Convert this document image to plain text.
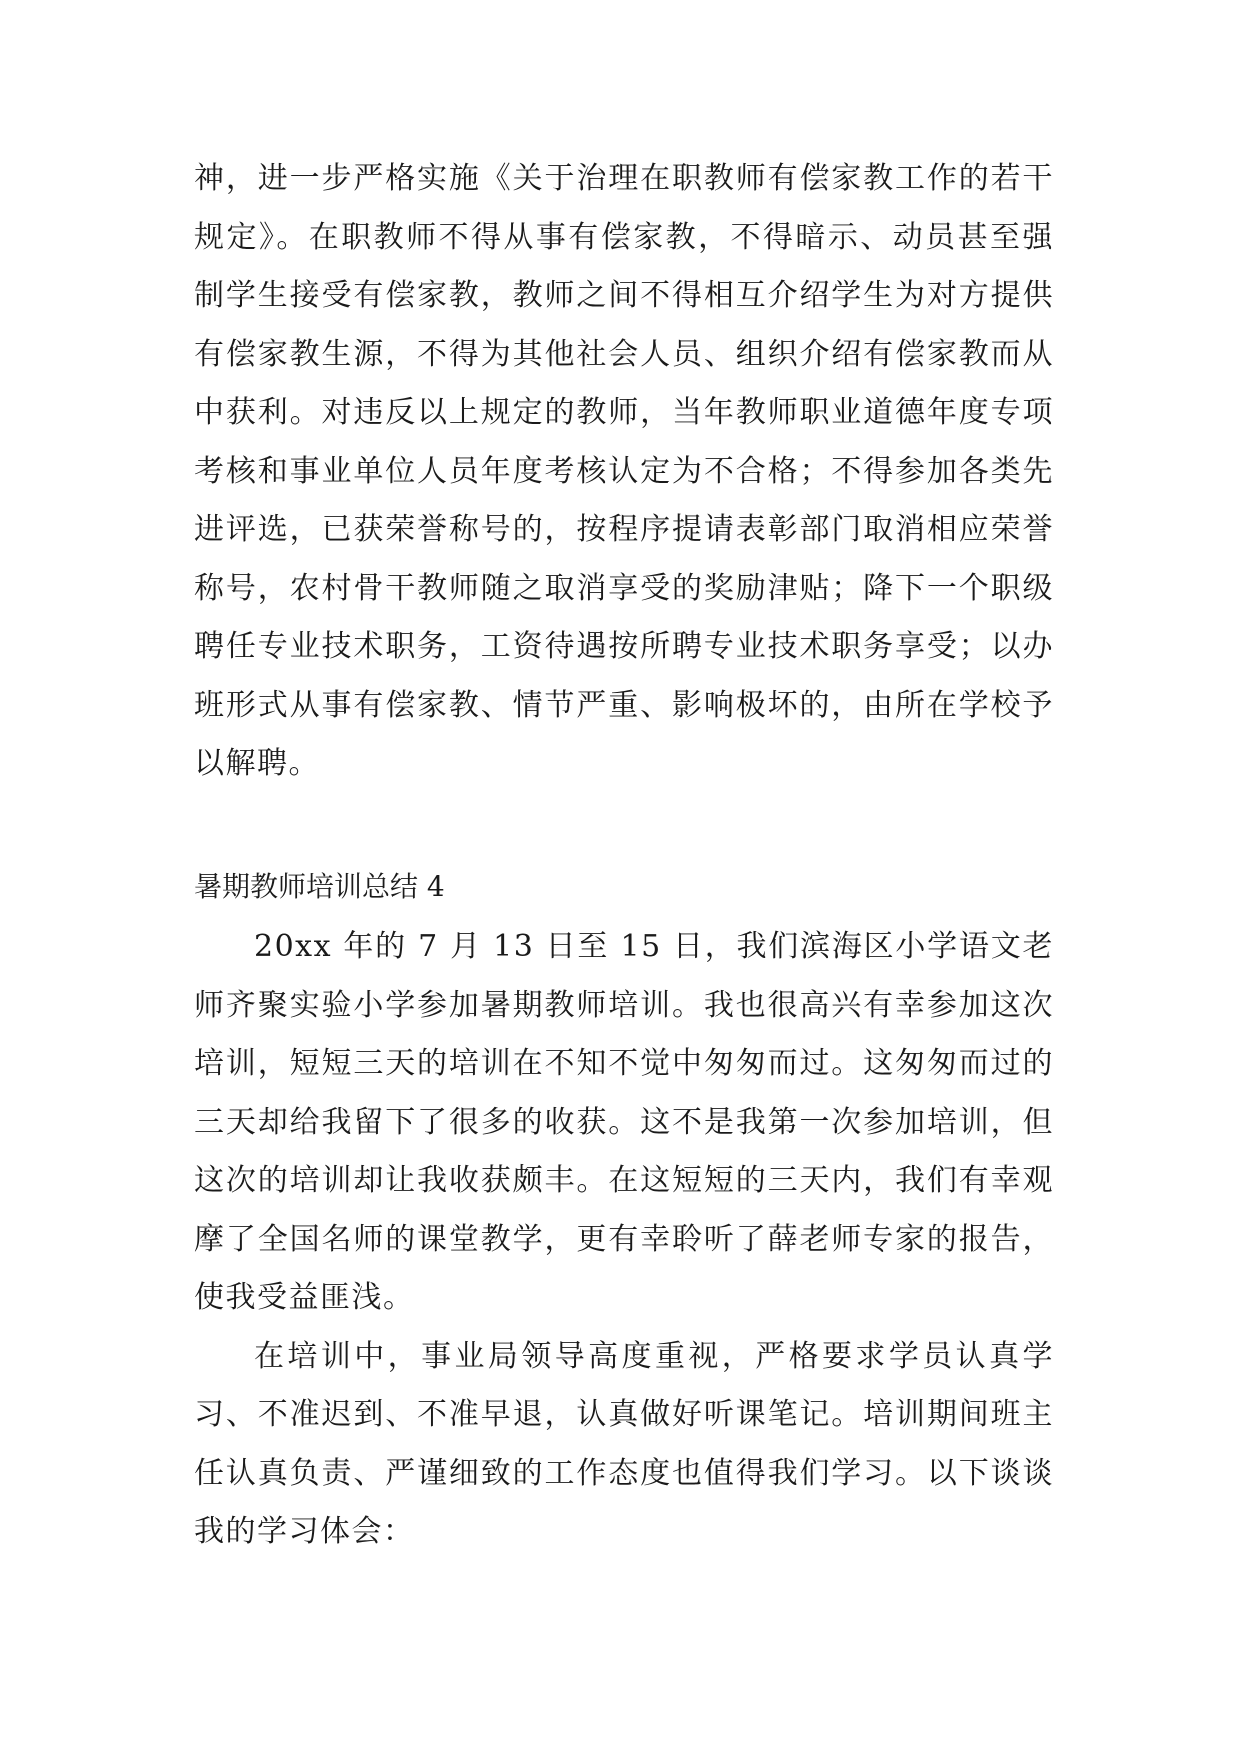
神，进一步严格实施《关于治理在职教师有偿家教工作的若干规定》。在职教师不得从事有偿家教，不得暗示、动员甚至强制学生接受有偿家教，教师之间不得相互介绍学生为对方提供有偿家教生源，不得为其他社会人员、组织介绍有偿家教而从中获利。对违反以上规定的教师，当年教师职业道德年度专项考核和事业单位人员年度考核认定为不合格；不得参加各类先进评选，已获荣誉称号的，按程序提请表彰部门取消相应荣誉称号，农村骨干教师随之取消享受的奖励津贴；降下一个职级聘任专业技术职务，工资待遇按所聘专业技术职务享受；以办班形式从事有偿家教、情节严重、影响极坏的，由所在学校予以解聘。

暑期教师培训总结 4

20xx 年的 7 月 13 日至 15 日，我们滨海区小学语文老师齐聚实验小学参加暑期教师培训。我也很高兴有幸参加这次培训，短短三天的培训在不知不觉中匆匆而过。这匆匆而过的三天却给我留下了很多的收获。这不是我第一次参加培训，但这次的培训却让我收获颇丰。在这短短的三天内，我们有幸观摩了全国名师的课堂教学，更有幸聆听了薛老师专家的报告，使我受益匪浅。

在培训中，事业局领导高度重视，严格要求学员认真学习、不准迟到、不准早退，认真做好听课笔记。培训期间班主任认真负责、严谨细致的工作态度也值得我们学习。以下谈谈我的学习体会：
